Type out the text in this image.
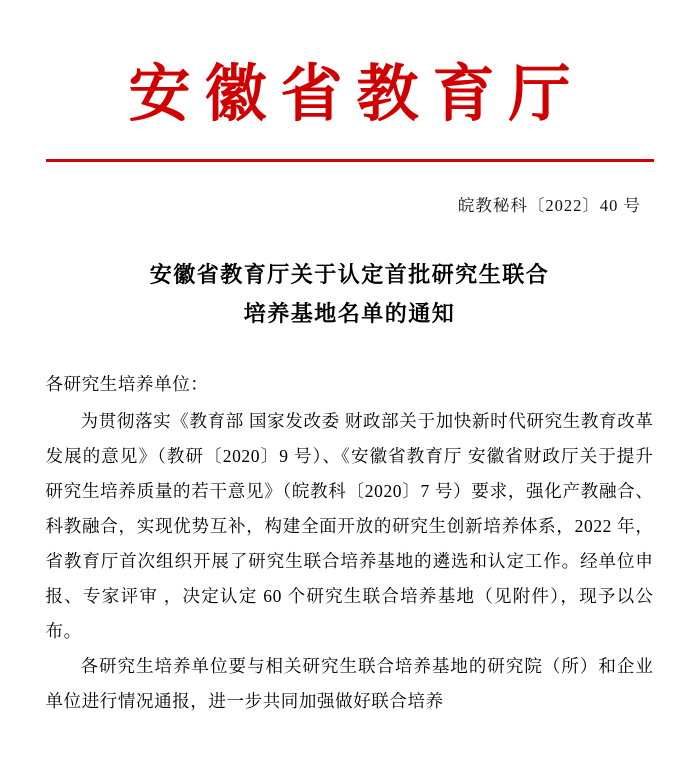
安徽省教育厅
皖教秘科〔2022〕40 号
安徽省教育厅关于认定首批研究生联合
培养基地名单的通知

各研究生培养单位：

为贯彻落实《教育部 国家发改委 财政部关于加快新时代研究生教育改革发展的意见》（教研〔2020〕9 号）、《安徽省教育厅 安徽省财政厅关于提升研究生培养质量的若干意见》（皖教科〔2020〕7 号）要求，强化产教融合、科教融合，实现优势互补，构建全面开放的研究生创新培养体系，2022 年，省教育厅首次组织开展了研究生联合培养基地的遴选和认定工作。经单位申报、专家评审 ，决定认定 60 个研究生联合培养基地（见附件），现予以公布。

各研究生培养单位要与相关研究生联合培养基地的研究院（所）和企业单位进行情况通报，进一步共同加强做好联合培养
